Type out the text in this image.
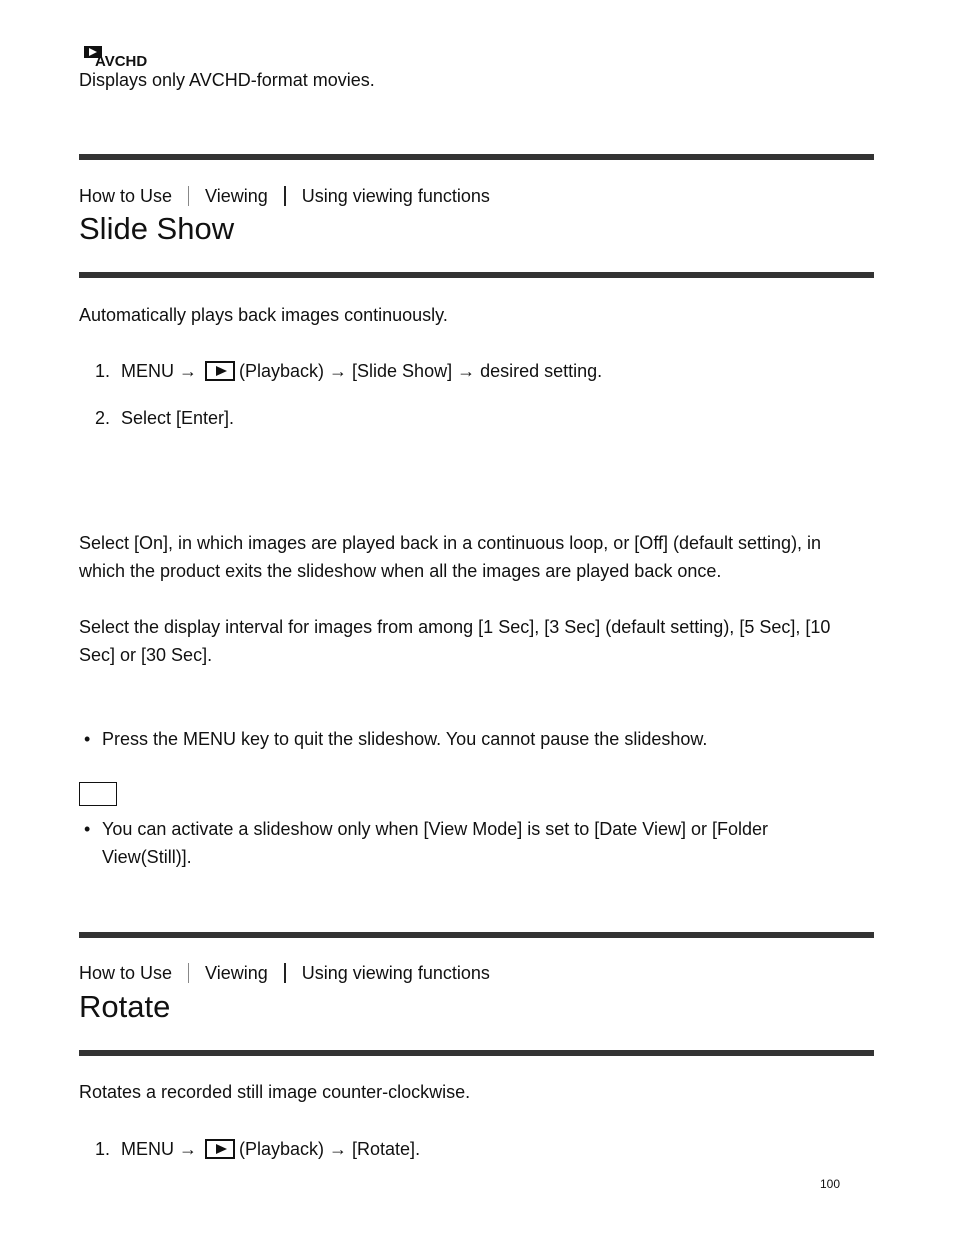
AVCHD
Displays only AVCHD-format movies.
How to Use Viewing Using viewing functions
Slide Show
Automatically plays back images continuously.
1. MENU → (Playback) → [Slide Show] → desired setting.
2. Select [Enter].
Select [On], in which images are played back in a continuous loop, or [Off] (default setting), in
which the product exits the slideshow when all the images are played back once.
Select the display interval for images from among [1 Sec], [3 Sec] (default setting), [5 Sec], [10
Sec] or [30 Sec].
• Press the MENU key to quit the slideshow. You cannot pause the slideshow.
• You can activate a slideshow only when [View Mode] is set to [Date View] or [Folder
View(Still)].
How to Use Viewing Using viewing functions
Rotate
Rotates a recorded still image counter-clockwise.
1. MENU → (Playback) → [Rotate].
100
